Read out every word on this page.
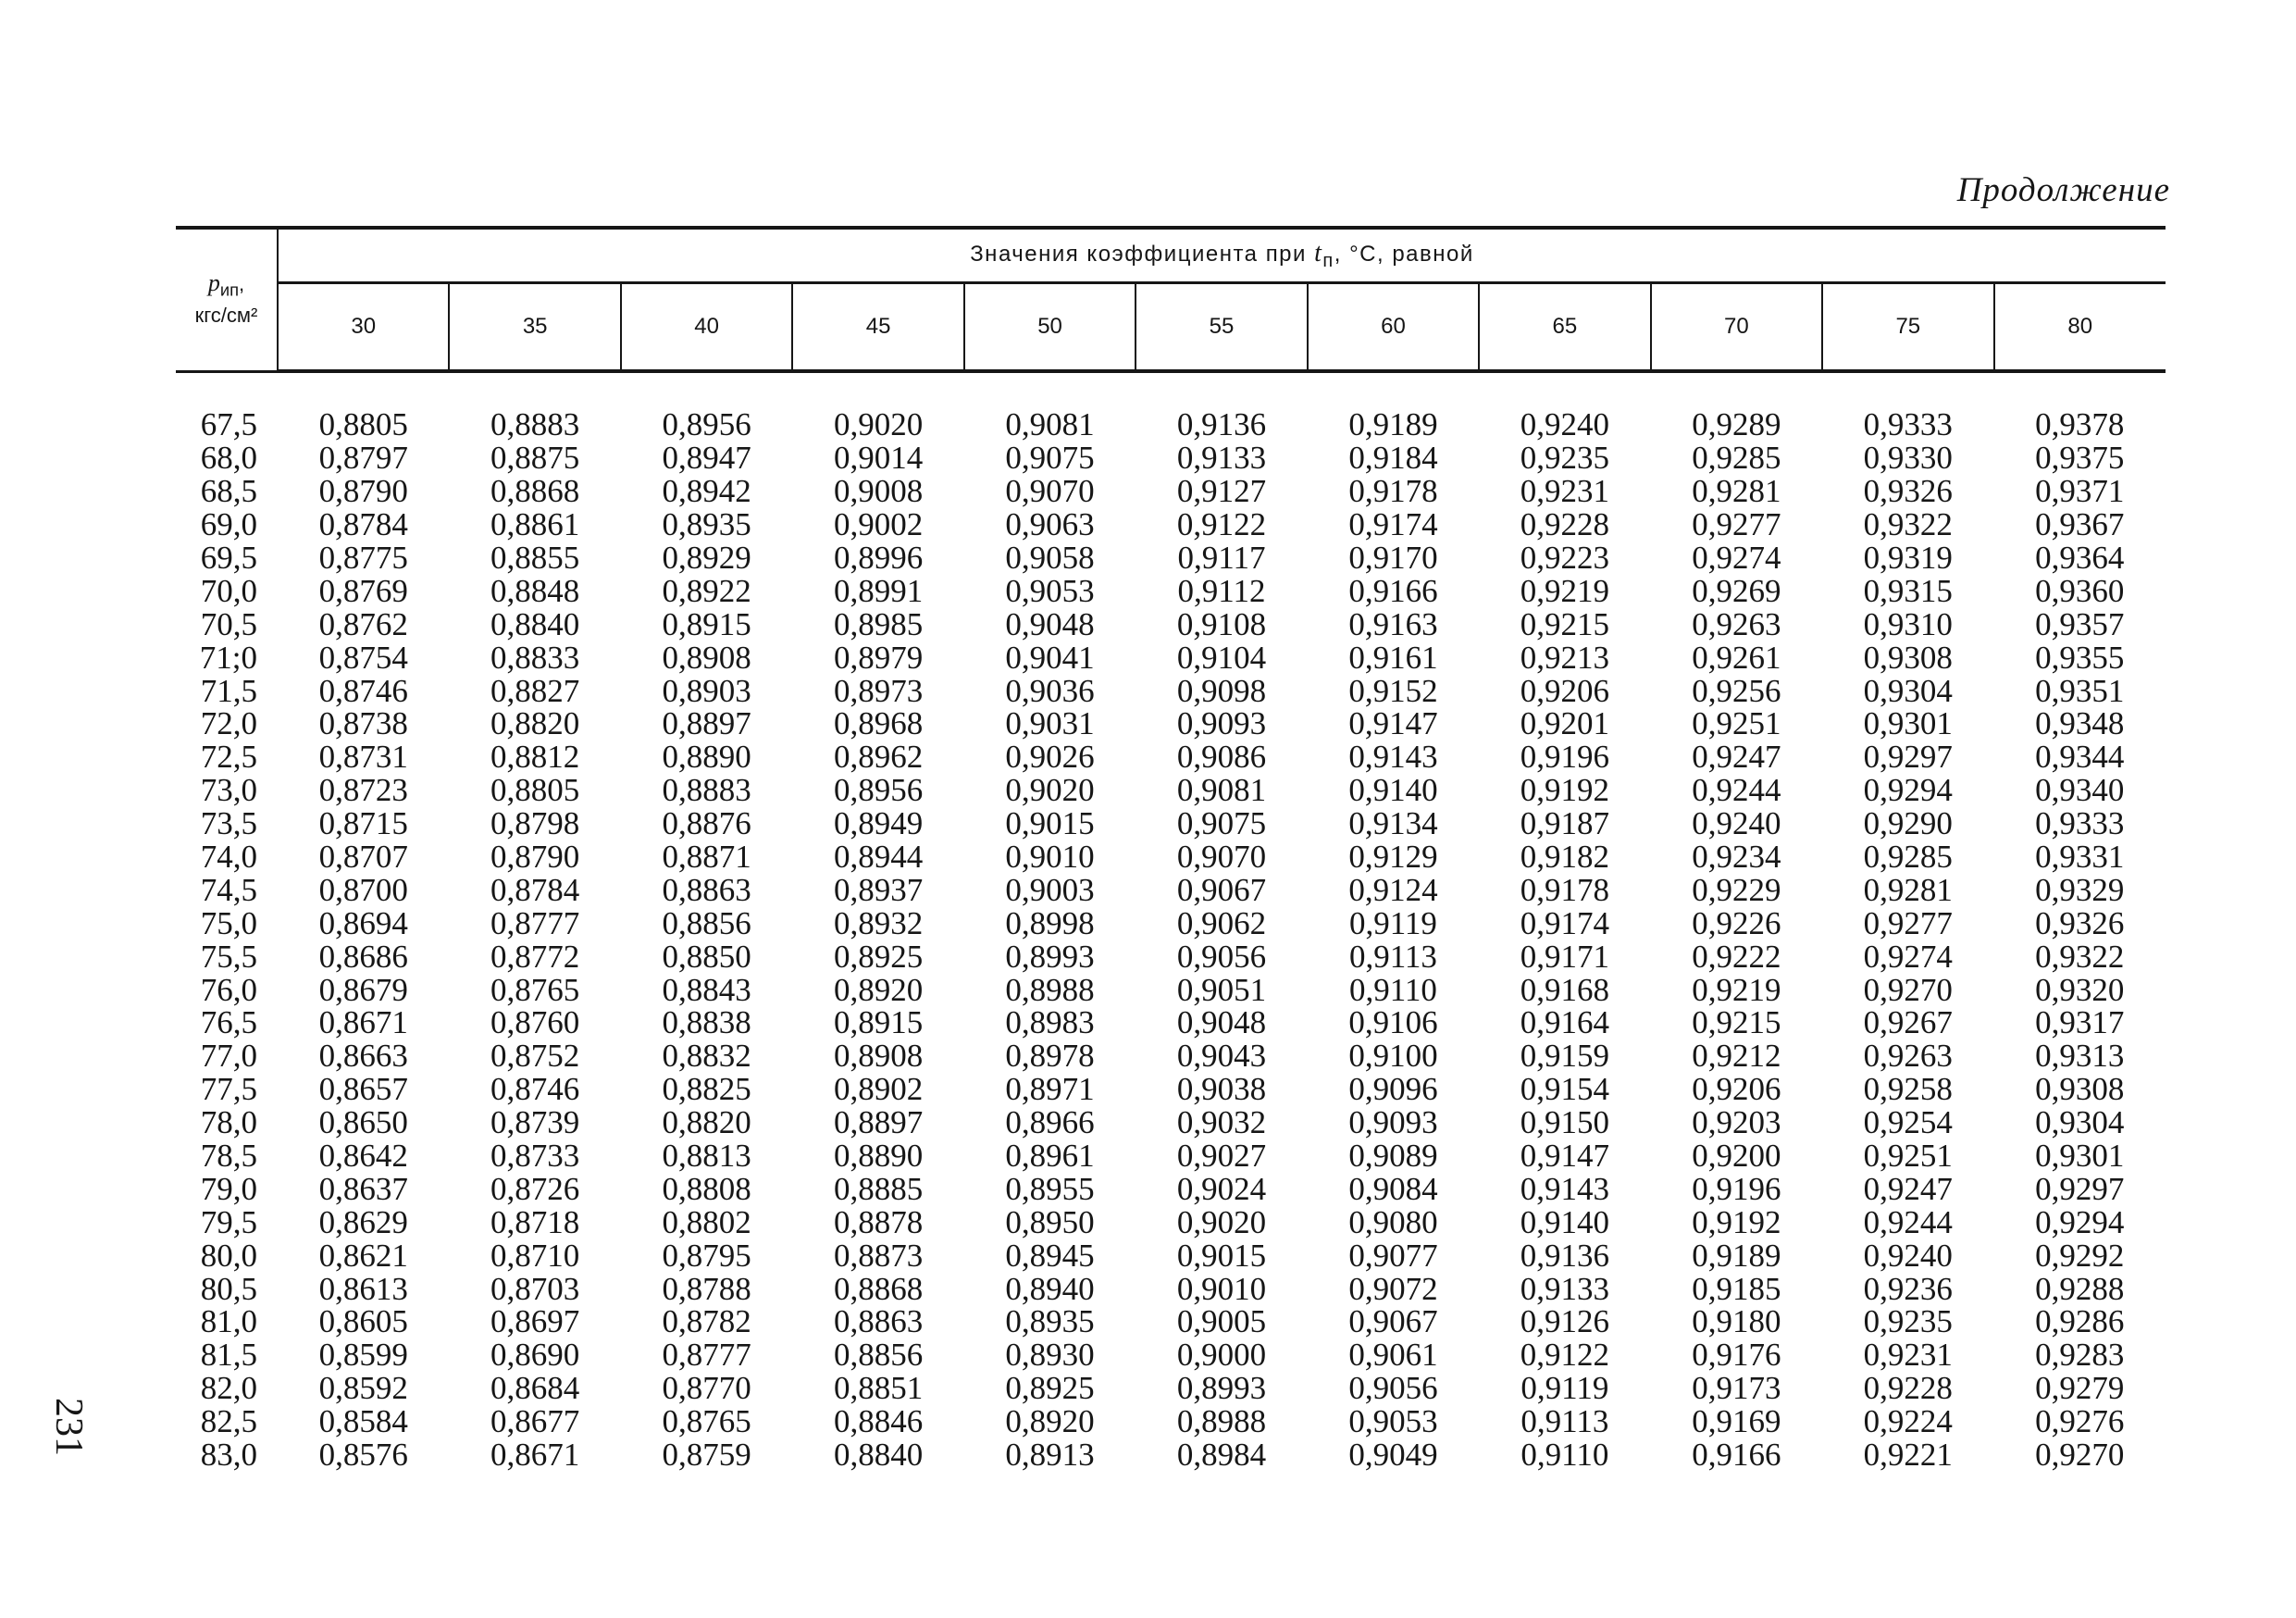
Продолжение
231
$p_{ип}$,
кгс/см²	Значения коэффициента при $t_п$, °С, равной										
	30	35	40	45	50	55	60	65	70	75	80
67,5	0,8805	0,8883	0,8956	0,9020	0,9081	0,9136	0,9189	0,9240	0,9289	0,9333	0,9378
68,0	0,8797	0,8875	0,8947	0,9014	0,9075	0,9133	0,9184	0,9235	0,9285	0,9330	0,9375
68,5	0,8790	0,8868	0,8942	0,9008	0,9070	0,9127	0,9178	0,9231	0,9281	0,9326	0,9371
69,0	0,8784	0,8861	0,8935	0,9002	0,9063	0,9122	0,9174	0,9228	0,9277	0,9322	0,9367
69,5	0,8775	0,8855	0,8929	0,8996	0,9058	0,9117	0,9170	0,9223	0,9274	0,9319	0,9364
70,0	0,8769	0,8848	0,8922	0,8991	0,9053	0,9112	0,9166	0,9219	0,9269	0,9315	0,9360
70,5	0,8762	0,8840	0,8915	0,8985	0,9048	0,9108	0,9163	0,9215	0,9263	0,9310	0,9357
71;0	0,8754	0,8833	0,8908	0,8979	0,9041	0,9104	0,9161	0,9213	0,9261	0,9308	0,9355
71,5	0,8746	0,8827	0,8903	0,8973	0,9036	0,9098	0,9152	0,9206	0,9256	0,9304	0,9351
72,0	0,8738	0,8820	0,8897	0,8968	0,9031	0,9093	0,9147	0,9201	0,9251	0,9301	0,9348
72,5	0,8731	0,8812	0,8890	0,8962	0,9026	0,9086	0,9143	0,9196	0,9247	0,9297	0,9344
73,0	0,8723	0,8805	0,8883	0,8956	0,9020	0,9081	0,9140	0,9192	0,9244	0,9294	0,9340
73,5	0,8715	0,8798	0,8876	0,8949	0,9015	0,9075	0,9134	0,9187	0,9240	0,9290	0,9333
74,0	0,8707	0,8790	0,8871	0,8944	0,9010	0,9070	0,9129	0,9182	0,9234	0,9285	0,9331
74,5	0,8700	0,8784	0,8863	0,8937	0,9003	0,9067	0,9124	0,9178	0,9229	0,9281	0,9329
75,0	0,8694	0,8777	0,8856	0,8932	0,8998	0,9062	0,9119	0,9174	0,9226	0,9277	0,9326
75,5	0,8686	0,8772	0,8850	0,8925	0,8993	0,9056	0,9113	0,9171	0,9222	0,9274	0,9322
76,0	0,8679	0,8765	0,8843	0,8920	0,8988	0,9051	0,9110	0,9168	0,9219	0,9270	0,9320
76,5	0,8671	0,8760	0,8838	0,8915	0,8983	0,9048	0,9106	0,9164	0,9215	0,9267	0,9317
77,0	0,8663	0,8752	0,8832	0,8908	0,8978	0,9043	0,9100	0,9159	0,9212	0,9263	0,9313
77,5	0,8657	0,8746	0,8825	0,8902	0,8971	0,9038	0,9096	0,9154	0,9206	0,9258	0,9308
78,0	0,8650	0,8739	0,8820	0,8897	0,8966	0,9032	0,9093	0,9150	0,9203	0,9254	0,9304
78,5	0,8642	0,8733	0,8813	0,8890	0,8961	0,9027	0,9089	0,9147	0,9200	0,9251	0,9301
79,0	0,8637	0,8726	0,8808	0,8885	0,8955	0,9024	0,9084	0,9143	0,9196	0,9247	0,9297
79,5	0,8629	0,8718	0,8802	0,8878	0,8950	0,9020	0,9080	0,9140	0,9192	0,9244	0,9294
80,0	0,8621	0,8710	0,8795	0,8873	0,8945	0,9015	0,9077	0,9136	0,9189	0,9240	0,9292
80,5	0,8613	0,8703	0,8788	0,8868	0,8940	0,9010	0,9072	0,9133	0,9185	0,9236	0,9288
81,0	0,8605	0,8697	0,8782	0,8863	0,8935	0,9005	0,9067	0,9126	0,9180	0,9235	0,9286
81,5	0,8599	0,8690	0,8777	0,8856	0,8930	0,9000	0,9061	0,9122	0,9176	0,9231	0,9283
82,0	0,8592	0,8684	0,8770	0,8851	0,8925	0,8993	0,9056	0,9119	0,9173	0,9228	0,9279
82,5	0,8584	0,8677	0,8765	0,8846	0,8920	0,8988	0,9053	0,9113	0,9169	0,9224	0,9276
83,0	0,8576	0,8671	0,8759	0,8840	0,8913	0,8984	0,9049	0,9110	0,9166	0,9221	0,9270
